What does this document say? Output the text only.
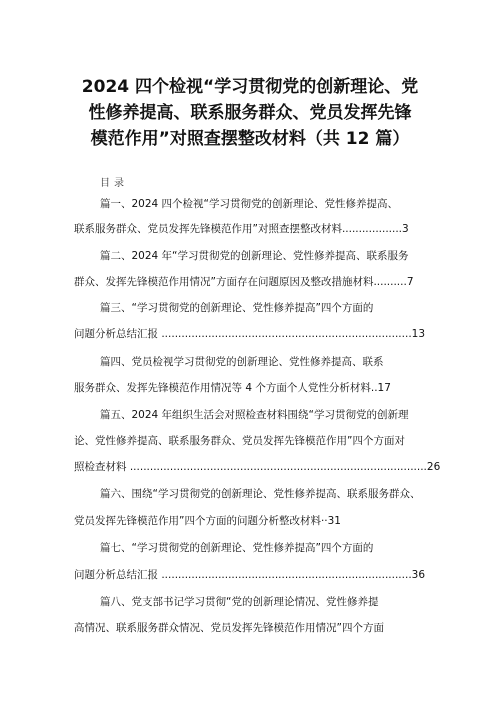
2024 四个检视“学习贯彻党的创新理论、党
性修养提高、联系服务群众、党员发挥先锋
模范作用”对照查摆整改材料（共 12 篇）
目录
篇一、2024 四个检视“学习贯彻党的创新理论、党性修养提高、
联系服务群众、党员发挥先锋模范作用”对照查摆整改材料..................3
篇二、2024 年“学习贯彻党的创新理论、党性修养提高、联系服务
群众、发挥先锋模范作用情况”方面存在问题原因及整改措施材料..........7
篇三、“学习贯彻党的创新理论、党性修养提高”四个方面的
问题分析总结汇报 ...........................................................................13
篇四、党员检视学习贯彻党的创新理论、党性修养提高、联系
服务群众、发挥先锋模范作用情况等 4 个方面个人党性分析材料..17
篇五、2024 年组织生活会对照检查材料围绕“学习贯彻党的创新理
论、党性修养提高、联系服务群众、党员发挥先锋模范作用”四个方面对
照检查材料 .........................................................................................26
篇六、围绕“学习贯彻党的创新理论、党性修养提高、联系服务群众、
党员发挥先锋模范作用”四个方面的问题分析整改材料··31
篇七、“学习贯彻党的创新理论、党性修养提高”四个方面的
问题分析总结汇报 ...........................................................................36
篇八、党支部书记学习贯彻“党的创新理论情况、党性修养提
高情况、联系服务群众情况、党员发挥先锋模范作用情况”四个方面
